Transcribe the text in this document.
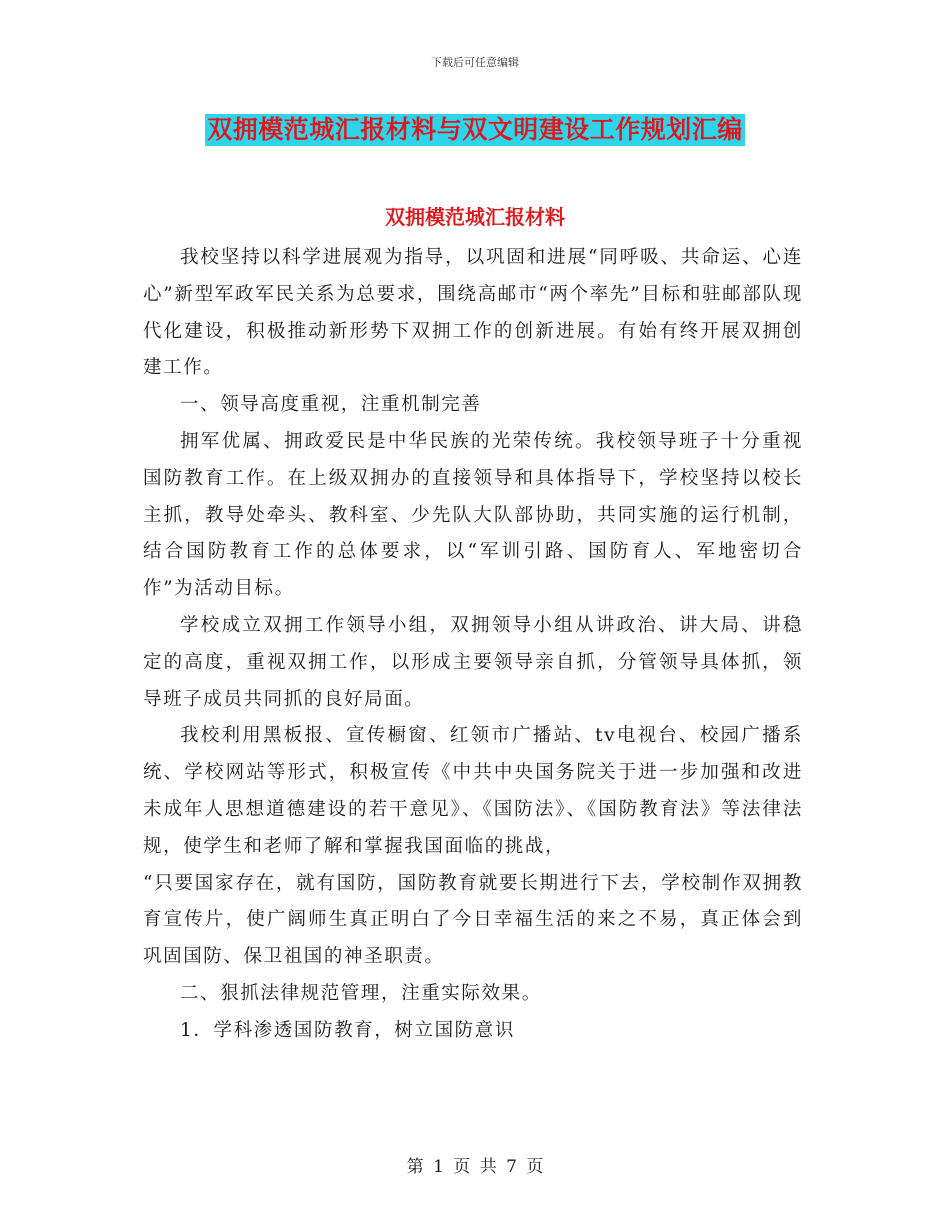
下载后可任意编辑
双拥模范城汇报材料与双文明建设工作规划汇编
双拥模范城汇报材料

我校坚持以科学进展观为指导，以巩固和进展“同呼吸、共命运、心连心”新型军政军民关系为总要求，围绕高邮市“两个率先”目标和驻邮部队现代化建设，积极推动新形势下双拥工作的创新进展。有始有终开展双拥创建工作。

一、领导高度重视，注重机制完善

拥军优属、拥政爱民是中华民族的光荣传统。我校领导班子十分重视国防教育工作。在上级双拥办的直接领导和具体指导下，学校坚持以校长主抓，教导处牵头、教科室、少先队大队部协助，共同实施的运行机制，结合国防教育工作的总体要求，以“军训引路、国防育人、军地密切合作”为活动目标。

学校成立双拥工作领导小组，双拥领导小组从讲政治、讲大局、讲稳定的高度，重视双拥工作，以形成主要领导亲自抓，分管领导具体抓，领导班子成员共同抓的良好局面。

我校利用黑板报、宣传橱窗、红领市广播站、tv电视台、校园广播系统、学校网站等形式，积极宣传《中共中央国务院关于进一步加强和改进未成年人思想道德建设的若干意见》、《国防法》、《国防教育法》等法律法规，使学生和老师了解和掌握我国面临的挑战，

“只要国家存在，就有国防，国防教育就要长期进行下去，学校制作双拥教育宣传片，使广阔师生真正明白了今日幸福生活的来之不易，真正体会到巩固国防、保卫祖国的神圣职责。

二、狠抓法律规范管理，注重实际效果。

1．学科渗透国防教育，树立国防意识

第 1 页 共 7 页
